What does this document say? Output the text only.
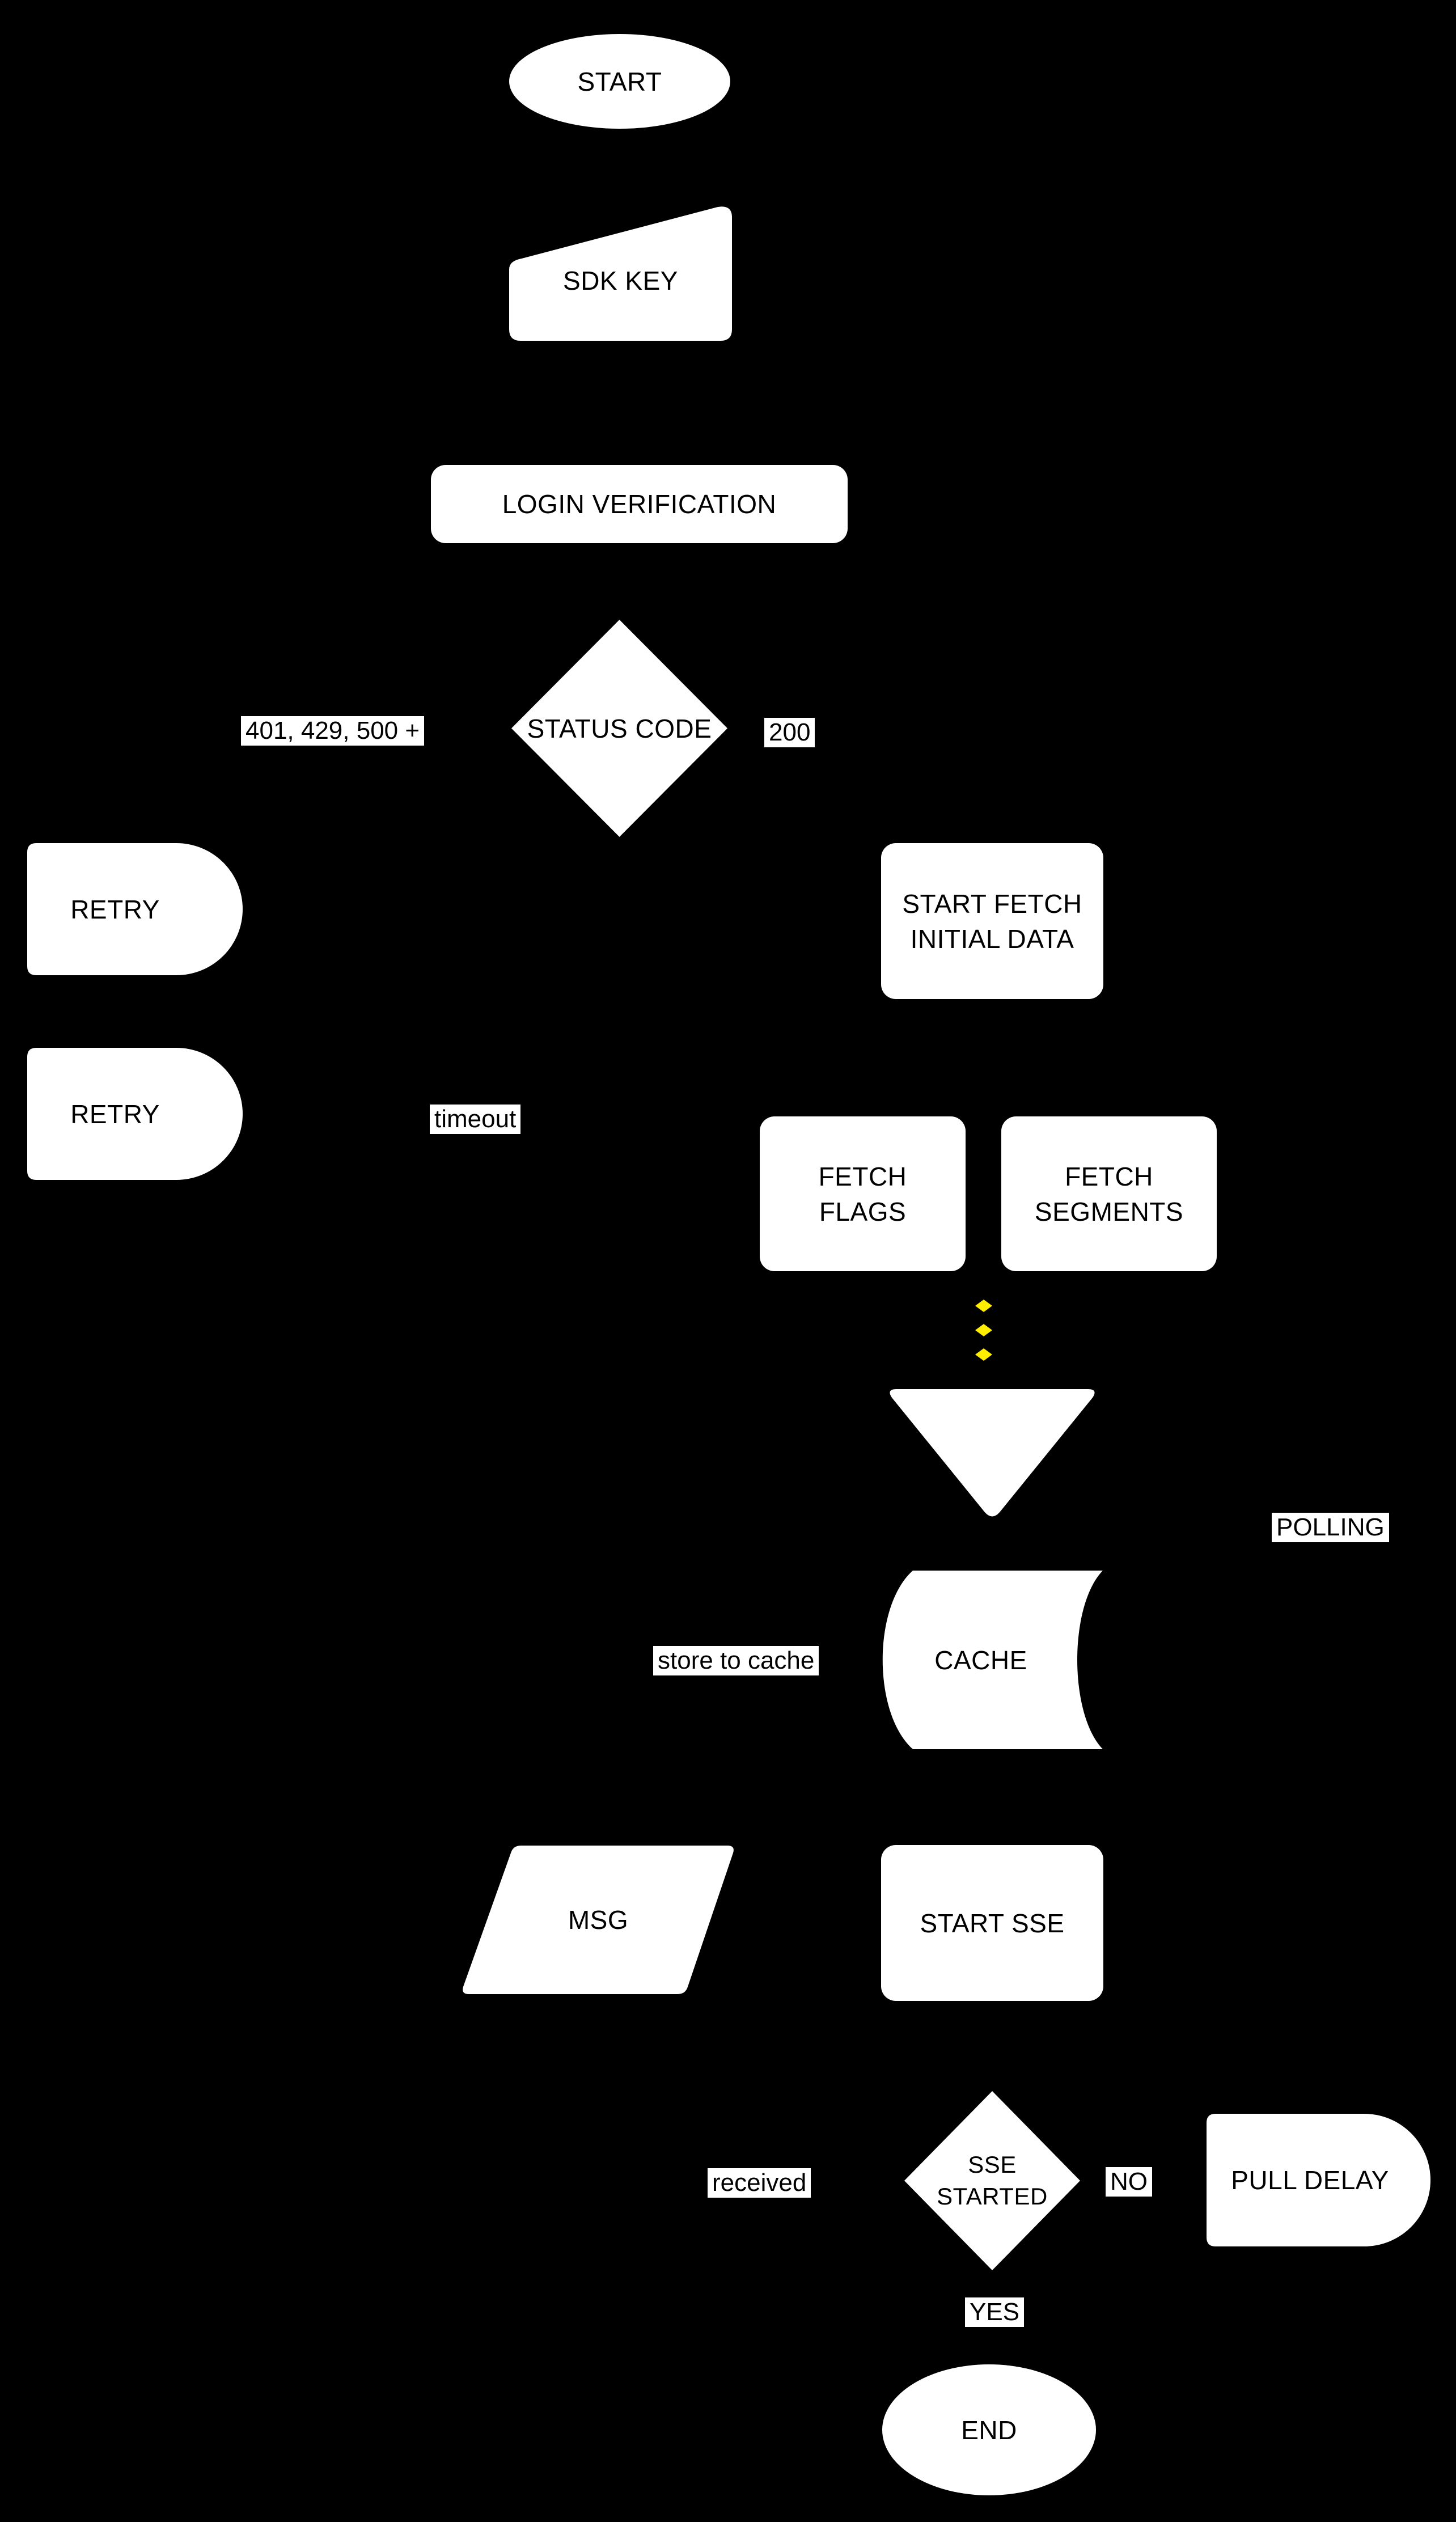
START
SDK KEY
LOGIN VERIFICATION
STATUS CODE
401, 429, 500 +	200
RETRY
RETRY
START FETCH
INITIAL DATA
timeout
FETCH
FLAGS
FETCH
SEGMENTS
POLLING
CACHE
store to cache
MSG	START SSE
SSE
STARTED
received	NO	PULL DELAY
YES
END
